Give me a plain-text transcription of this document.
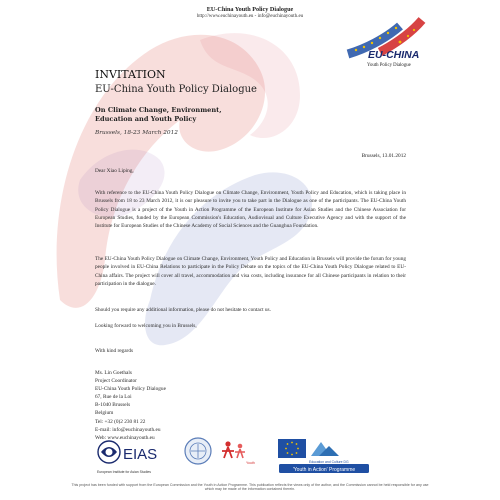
EU-China Youth Policy Dialogue
http://www.euchinayouth.eu - info@euchinayouth.eu
EU-CHINA
Youth Policy Dialogue
INVITATION
EU-China Youth Policy Dialogue
On Climate Change, Environment, Education and Youth Policy
Brussels, 18-23 March 2012
Brussels, 13.01.2012
Dear Xiao Liping,
With reference to the EU-China Youth Policy Dialogue on Climate Change, Environment, Youth Policy and Education, which is taking place in Brussels from 18 to 23 March 2012, it is our pleasure to invite you to take part in the Dialogue as one of the participants. The EU-China Youth Policy Dialogue is a project of the Youth in Action Programme of the European Institute for Asian Studies and the Chinese Association for European Studies, funded by the European Commission's Education, Audiovisual and Culture Executive Agency and with the support of the Institute for European Studies of the Chinese Academy of Social Sciences and the Guanghua Foundation.
The EU-China Youth Policy Dialogue on Climate Change, Environment, Youth Policy and Education in Brussels will provide the forum for young people involved in EU-China Relations to participate in the Policy Debate on the topics of the EU-China Youth Policy Dialogue related to EU-China affairs. The project will cover all travel, accommodation and visa costs, including insurance for all Chinese participants in relation to their participation in the dialogue.
Should you require any additional information, please do not hesitate to contact us.
Looking forward to welcoming you in Brussels,
With kind regards
Ms. Lin Goethals
Project Coordinator
EU-China Youth Policy Dialogue
67, Rue de la Loi
B-1040 Brussels
Belgium
Tel: +32 (0)2 230 81 22
E-mail: info@euchinayouth.eu
Web: www.euchinayouth.eu
EIAS
European Institute for Asian Studies
Youth	Education and Culture DG
'Youth in Action' Programme
This project has been funded with support from the European Commission and the Youth in Action Programme. This publication reflects the views only of the author, and the Commission cannot be held responsible for any use which may be made of the information contained therein.
